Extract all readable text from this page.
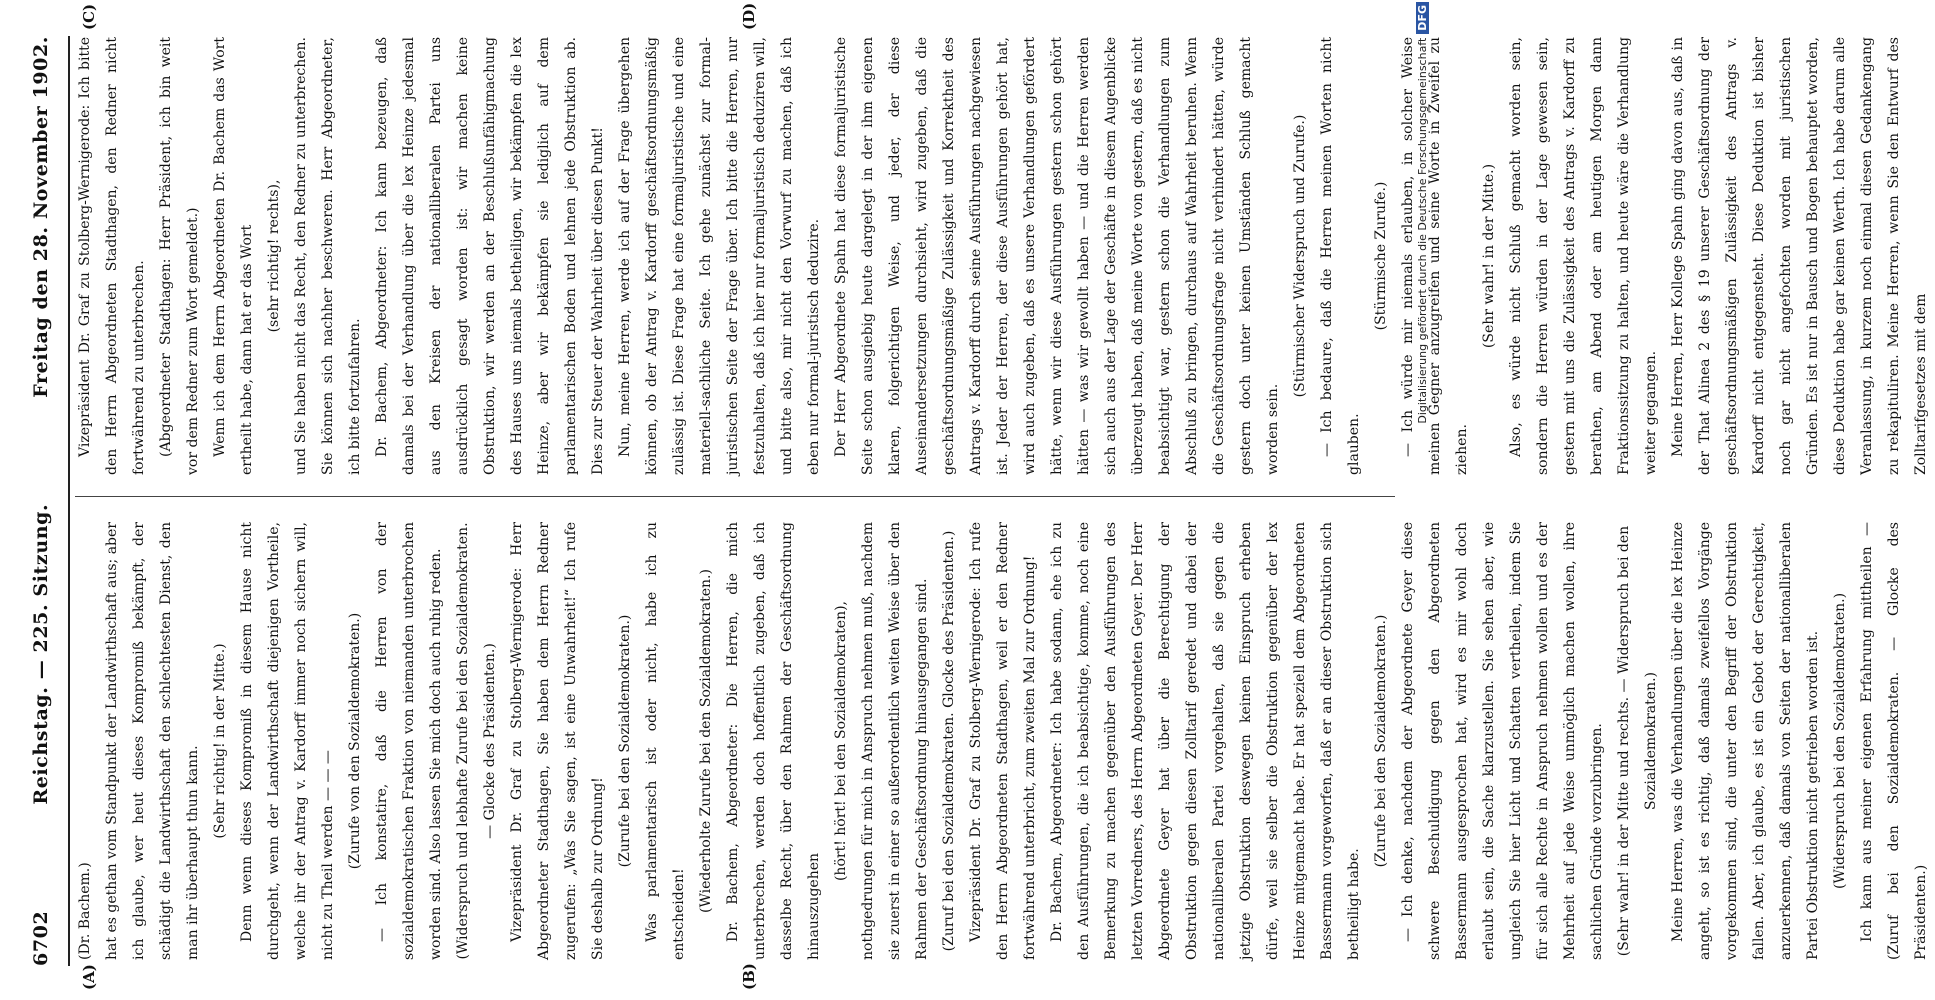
6702
Reichstag. — 225. Sitzung.
Freitag den 28. November 1902.

(Dr. Bachem.) hat es gethan vom Standpunkt der Landwirthschaft aus; aber ich glaube, wer heut dieses Kompromiß bekämpft, der schädigt die Landwirthschaft den schlechtesten Dienst, den man ihr überhaupt thun kann.

(Sehr richtig! in der Mitte.) Denn wenn dieses Kompromiß in diesem Hause nicht durchgeht, wenn der Landwirthschaft diejenigen Vortheile, welche ihr der Antrag v. Kardorff immer noch sichern will, nicht zu Theil werden — — — (Zurufe von den Sozialdemokraten.) — Ich konstatire, daß die Herren von der sozialdemokratischen Fraktion von niemanden unterbrochen worden sind. Also lassen Sie mich doch auch ruhig reden. (Widerspruch und lebhafte Zurufe bei den Sozialdemokraten. — Glocke des Präsidenten.) Vizepräsident Dr. Graf zu Stolberg-Wernigerode: Herr Abgeordneter Stadthagen, Sie haben dem Herrn Redner zugerufen: „Was Sie sagen, ist eine Unwahrheit!“ Ich rufe Sie deshalb zur Ordnung!

(Zurufe bei den Sozialdemokraten.) Was parlamentarisch ist oder nicht, habe ich zu entscheiden!

(Wiederholte Zurufe bei den Sozialdemokraten.) Dr. Bachem, Abgeordneter: Die Herren, die mich unterbrechen, werden doch hoffentlich zugeben, daß ich dasselbe Recht, über den Rahmen der Geschäftsordnung hinauszugehen

(hört! hört! bei den Sozialdemokraten), nothgedrungen für mich in Anspruch nehmen muß, nachdem sie zuerst in einer so außerordentlich weiten Weise über den Rahmen der Geschäftsordnung hinausgegangen sind. (Zuruf bei den Sozialdemokraten. Glocke des Präsidenten.) Vizepräsident Dr. Graf zu Stolberg-Wernigerode: Ich rufe den Herrn Abgeordneten Stadthagen, weil er den Redner fortwährend unterbricht, zum zweiten Mal zur Ordnung! Dr. Bachem, Abgeordneter: Ich habe sodann, ehe ich zu den Ausführungen, die ich beabsichtige, komme, noch eine Bemerkung zu machen gegenüber den Ausführungen des letzten Vorredners, des Herrn Abgeordneten Geyer. Der Herr Abgeordnete Geyer hat über die Berechtigung der Obstruktion gegen diesen Zolltarif geredet und dabei der nationalliberalen Partei vorgehalten, daß sie gegen die jetzige Obstruktion deswegen keinen Einspruch erheben dürfe, weil sie selber die Obstruktion gegenüber der lex Heinze mitgemacht habe. Er hat speziell dem Abgeordneten Bassermann vorgeworfen, daß er an dieser Obstruktion sich betheiligt habe.

(Zurufe bei den Sozialdemokraten.) — Ich denke, nachdem der Abgeordnete Geyer diese schwere Beschuldigung gegen den Abgeordneten Bassermann ausgesprochen hat, wird es mir wohl doch erlaubt sein, die Sache klarzustellen. Sie sehen aber, wie ungleich Sie hier Licht und Schatten vertheilen, indem Sie für sich alle Rechte in Anspruch nehmen wollen und es der Mehrheit auf jede Weise unmöglich machen wollen, ihre sachlichen Gründe vorzubringen. (Sehr wahr! in der Mitte und rechts. — Widerspruch bei den Sozialdemokraten.) Meine Herren, was die Verhandlungen über die lex Heinze angeht, so ist es richtig, daß damals zweifellos Vorgänge vorgekommen sind, die unter den Begriff der Obstruktion fallen. Aber, ich glaube, es ist ein Gebot der Gerechtigkeit, anzuerkennen, daß damals von Seiten der nationalliberalen Partei Obstruktion nicht getrieben worden ist. (Widerspruch bei den Sozialdemokraten.) Ich kann aus meiner eigenen Erfahrung mittheilen — (Zuruf bei den Sozialdemokraten. — Glocke des Präsidenten.)

Vizepräsident Dr. Graf zu Stolberg-Wernigerode: Ich bitte den Herrn Abgeordneten Stadthagen, den Redner nicht fortwährend zu unterbrechen. (Abgeordneter Stadthagen: Herr Präsident, ich bin weit vor dem Redner zum Wort gemeldet.) Wenn ich dem Herrn Abgeordneten Dr. Bachem das Wort ertheilt habe, dann hat er das Wort (sehr richtig! rechts), und Sie haben nicht das Recht, den Redner zu unterbrechen. Sie können sich nachher beschweren. Herr Abgeordneter, ich bitte fortzufahren. Dr. Bachem, Abgeordneter: Ich kann bezeugen, daß damals bei der Verhandlung über die lex Heinze jedesmal aus den Kreisen der nationalliberalen Partei uns ausdrücklich gesagt worden ist: wir machen keine Obstruktion, wir werden an der Beschlußunfähigmachung des Hauses uns niemals betheiligen, wir bekämpfen die lex Heinze, aber wir bekämpfen sie lediglich auf dem parlamentarischen Boden und lehnen jede Obstruktion ab. Dies zur Steuer der Wahrheit über diesen Punkt! Nun, meine Herren, werde ich auf der Frage übergehen können, ob der Antrag v. Kardorff geschäftsordnungsmäßig zulässig ist. Diese Frage hat eine formaljuristische und eine materiell-sachliche Seite. Ich gehe zunächst zur formal-juristischen Seite der Frage über. Ich bitte die Herren, nur festzuhalten, daß ich hier nur formaljuristisch deduziren will, und bitte also, mir nicht den Vorwurf zu machen, daß ich eben nur formal-juristisch deduzire. Der Herr Abgeordnete Spahn hat diese formaljuristische Seite schon ausgiebig heute dargelegt in der ihm eigenen klaren, folgerichtigen Weise, und jeder, der diese Auseinandersetzungen durchsieht, wird zugeben, daß die geschäftsordnungsmäßige Zulässigkeit und Korrektheit des Antrags v. Kardorff durch seine Ausführungen nachgewiesen ist. Jeder der Herren, der diese Ausführungen gehört hat, wird auch zugeben, daß es unsere Verhandlungen gefördert hätte, wenn wir diese Ausführungen gestern schon gehört hätten — was wir gewollt haben — und die Herren werden sich auch aus der Lage der Geschäfte in diesem Augenblicke überzeugt haben, daß meine Worte von gestern, daß es nicht beabsichtigt war, gestern schon die Verhandlungen zum Abschluß zu bringen, durchaus auf Wahrheit beruhen. Wenn die Geschäftsordnungsfrage nicht verhindert hätten, würde gestern doch unter keinen Umständen Schluß gemacht worden sein.

(Stürmischer Widerspruch und Zurufe.) — Ich bedaure, daß die Herren meinen Worten nicht glauben.

(Stürmische Zurufe.) — Ich würde mir niemals erlauben, in solcher Weise meinen Gegner anzugreifen und seine Worte in Zweifel zu ziehen.

(Sehr wahr! in der Mitte.) Also, es würde nicht Schluß gemacht worden sein, sondern die Herren würden in der Lage gewesen sein, gestern mit uns die Zulässigkeit des Antrags v. Kardorff zu berathen, am Abend oder am heutigen Morgen dann Fraktionssitzung zu halten, und heute wäre die Verhandlung weiter gegangen. Meine Herren, Herr Kollege Spahn ging davon aus, daß in der That Alinea 2 des § 19 unserer Geschäftsordnung der geschäftsordnungsmäßigen Zulässigkeit des Antrags v. Kardorff nicht entgegensteht. Diese Deduktion ist bisher noch gar nicht angefochten worden mit juristischen Gründen. Es ist nur in Bausch und Bogen behauptet worden, diese Deduktion habe gar keinen Werth. Ich habe darum alle Veranlassung, in kurzem noch einmal diesen Gedankengang zu rekapituliren. Meine Herren, wenn Sie den Entwurf des Zolltarifgesetzes mit dem

(A)	(B)
(C)	(D)
Digitalisierung gefördert durch die Deutsche ForschungsgemeinschaftDFG
